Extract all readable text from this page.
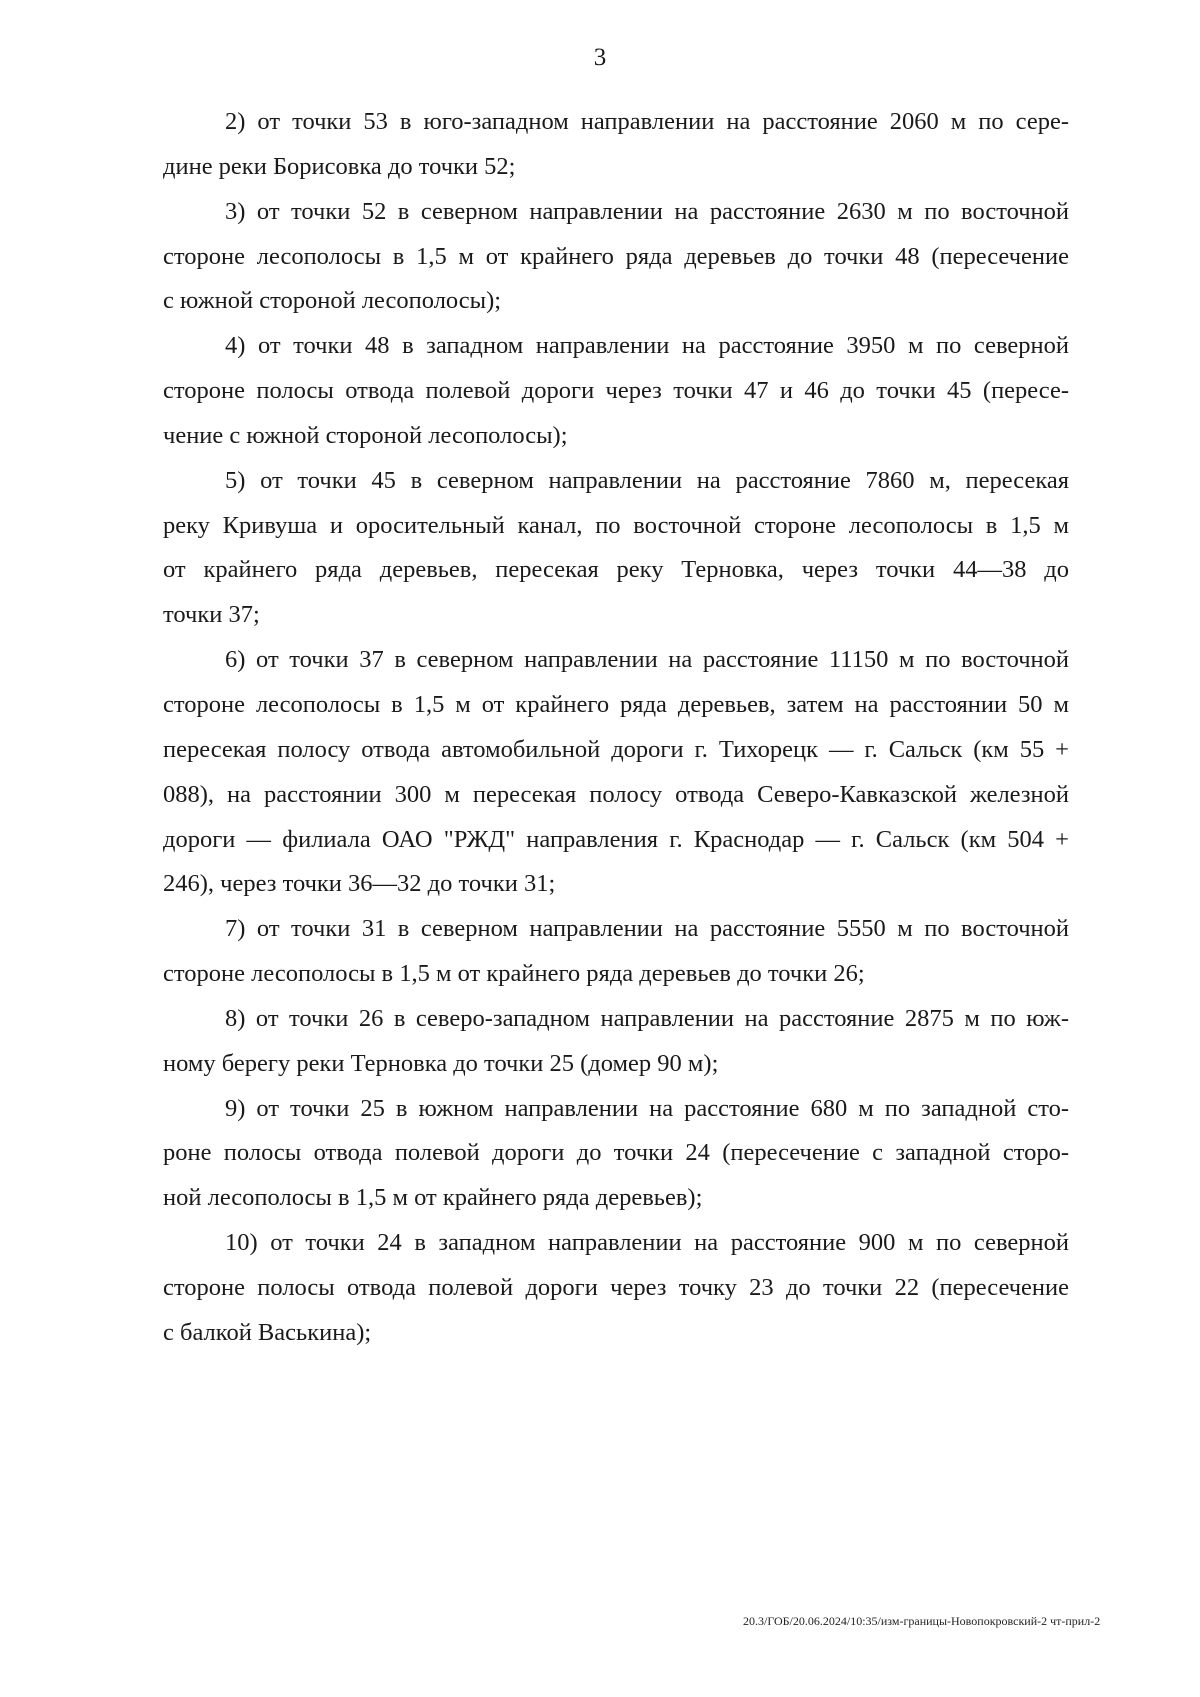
3
2) от точки 53 в юго-западном направлении на расстояние 2060 м по сере-
дине реки Борисовка до точки 52;
3) от точки 52 в северном направлении на расстояние 2630 м по восточной
стороне лесополосы в 1,5 м от крайнего ряда деревьев до точки 48 (пересечение
с южной стороной лесополосы);
4) от точки 48 в западном направлении на расстояние 3950 м по северной
стороне полосы отвода полевой дороги через точки 47 и 46 до точки 45 (пересе-
чение с южной стороной лесополосы);
5) от точки 45 в северном направлении на расстояние 7860 м, пересекая
реку Кривуша и оросительный канал, по восточной стороне лесополосы в 1,5 м
от крайнего ряда деревьев, пересекая реку Терновка, через точки 44—38 до
точки 37;
6) от точки 37 в северном направлении на расстояние 11150 м по восточной
стороне лесополосы в 1,5 м от крайнего ряда деревьев, затем на расстоянии 50 м
пересекая полосу отвода автомобильной дороги г. Тихорецк — г. Сальск (км 55 +
088), на расстоянии 300 м пересекая полосу отвода Северо-Кавказской железной
дороги — филиала ОАО "РЖД" направления г. Краснодар — г. Сальск (км 504 +
246), через точки 36—32 до точки 31;
7) от точки 31 в северном направлении на расстояние 5550 м по восточной
стороне лесополосы в 1,5 м от крайнего ряда деревьев до точки 26;
8) от точки 26 в северо-западном направлении на расстояние 2875 м по юж-
ному берегу реки Терновка до точки 25 (домер 90 м);
9) от точки 25 в южном направлении на расстояние 680 м по западной сто-
роне полосы отвода полевой дороги до точки 24 (пересечение с западной сторо-
ной лесополосы в 1,5 м от крайнего ряда деревьев);
10) от точки 24 в западном направлении на расстояние 900 м по северной
стороне полосы отвода полевой дороги через точку 23 до точки 22 (пересечение
с балкой Васькина);
20.3/ГОБ/20.06.2024/10:35/изм-границы-Новопокровский-2 чт-прил-2
